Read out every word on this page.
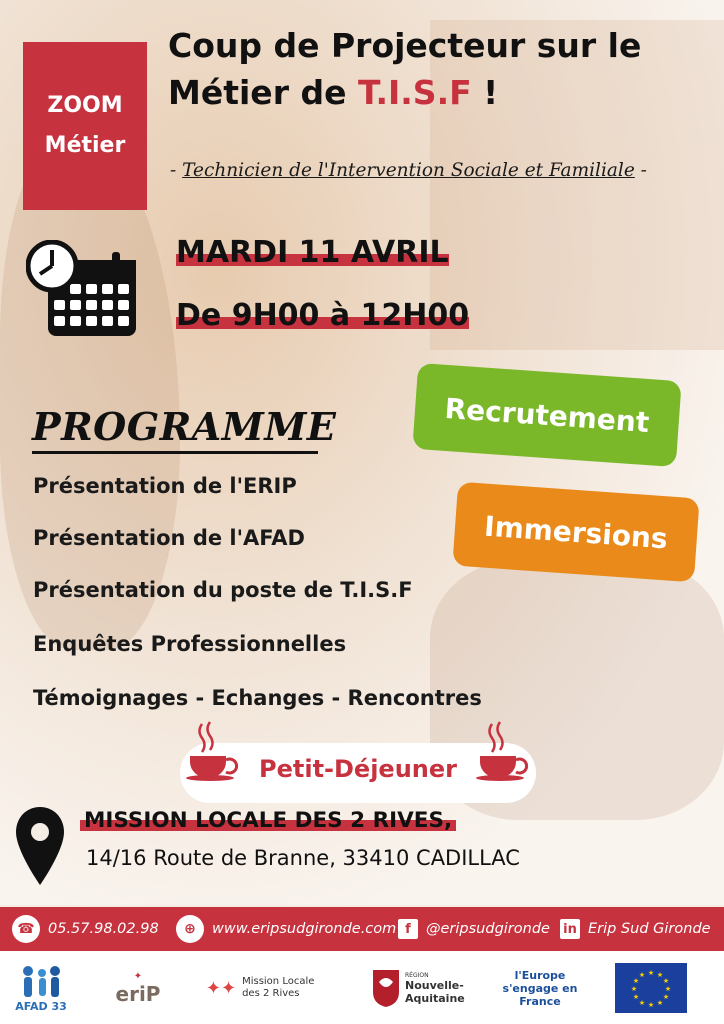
ZOOM
Métier
Coup de Projecteur sur le
Métier de T.I.S.F !
- Technicien de l'Intervention Sociale et Familiale -
MARDI 11 AVRIL
De 9H00 à 12H00
Recrutement
Immersions
PROGRAMME
Présentation de l'ERIP
Présentation de l'AFAD
Présentation du poste de T.I.S.F
Enquêtes Professionnelles
Témoignages - Echanges - Rencontres
Petit-Déjeuner
MISSION LOCALE DES 2 RIVES,
14/16 Route de Branne, 33410 CADILLAC
☎ 05.57.98.02.98	⊕	www.eripsudgironde.com f	@eripsudgironde in Erip Sud Gironde
AFAD 33
✦
eriP	✦✦ Mission Locale des 2 Rives
RÉGION
Nouvelle-Aquitaine
l'Europe s'engage en France
★ ★
★
★
★
★
★
★
★
★
★
★
